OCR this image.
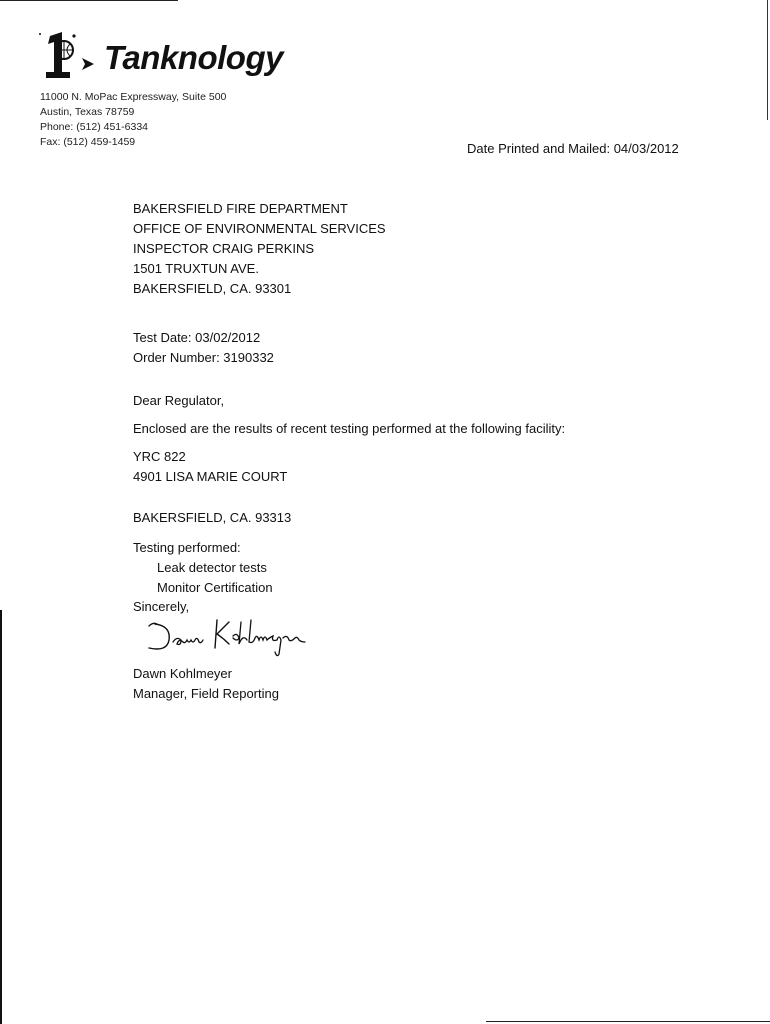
Tanknology
11000 N. MoPac Expressway, Suite 500
Austin, Texas 78759
Phone: (512) 451-6334
Fax: (512) 459-1459	Date Printed and Mailed: 04/03/2012
BAKERSFIELD FIRE DEPARTMENT
OFFICE OF ENVIRONMENTAL SERVICES
INSPECTOR CRAIG PERKINS
1501 TRUXTUN AVE.
BAKERSFIELD, CA. 93301
Test Date: 03/02/2012
Order Number: 3190332
Dear Regulator,
Enclosed are the results of recent testing performed at the following facility:
YRC 822
4901 LISA MARIE COURT
BAKERSFIELD, CA. 93313
Testing performed:
Leak detector tests
Monitor Certification
Sincerely,
Dawn Kohlmeyer
Manager, Field Reporting
